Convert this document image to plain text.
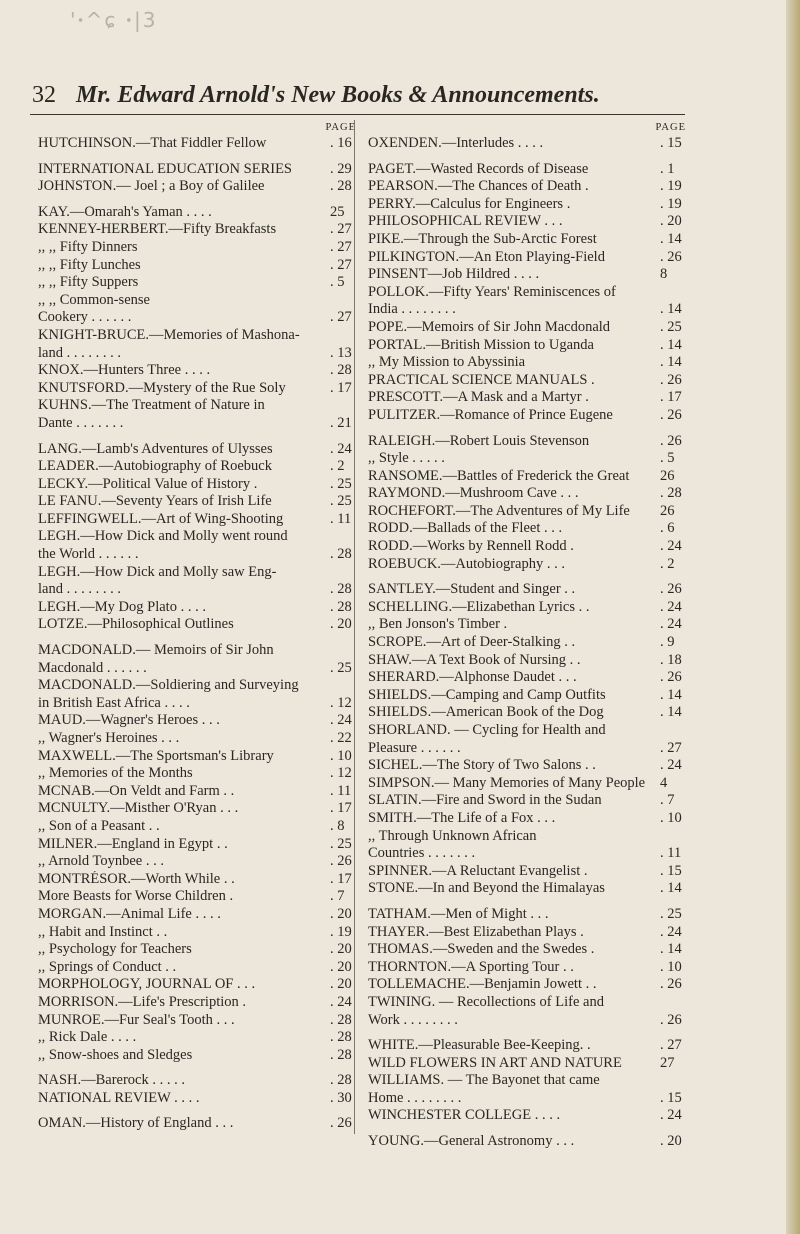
'ꞏ^ɕ ꞏ|3
32 Mr. Edward Arnold's New Books & Announcements.
PAGE
HUTCHINSON.—That Fiddler Fellow	. 16
INTERNATIONAL EDUCATION SERIES	. 29
JOHNSTON.— Joel ; a Boy of Galilee	. 28
KAY.—Omarah's Yaman . . . .	25
KENNEY-HERBERT.—Fifty Breakfasts	. 27
,, ,, Fifty Dinners	. 27
,, ,, Fifty Lunches	. 27
,, ,, Fifty Suppers	. 5
,, ,, Common-sense
Cookery . . . . . .	. 27
KNIGHT-BRUCE.—Memories of Mashona-
land . . . . . . . .	. 13
KNOX.—Hunters Three . . . .	. 28
KNUTSFORD.—Mystery of the Rue Soly	. 17
KUHNS.—The Treatment of Nature in
Dante . . . . . . .	. 21
LANG.—Lamb's Adventures of Ulysses	. 24
LEADER.—Autobiography of Roebuck	. 2
LECKY.—Political Value of History .	. 25
LE FANU.—Seventy Years of Irish Life	. 25
LEFFINGWELL.—Art of Wing-Shooting	. 11
LEGH.—How Dick and Molly went round
the World . . . . . .	. 28
LEGH.—How Dick and Molly saw Eng-
land . . . . . . . .	. 28
LEGH.—My Dog Plato . . . .	. 28
LOTZE.—Philosophical Outlines	. 20
MACDONALD.— Memoirs of Sir John
Macdonald . . . . . .	. 25
MACDONALD.—Soldiering and Surveying
in British East Africa . . . .	. 12
MAUD.—Wagner's Heroes . . .	. 24
,, Wagner's Heroines . . .	. 22
MAXWELL.—The Sportsman's Library	. 10
,, Memories of the Months	. 12
MCNAB.—On Veldt and Farm . .	. 11
MCNULTY.—Misther O'Ryan . . .	. 17
,, Son of a Peasant . .	. 8
MILNER.—England in Egypt . .	. 25
,, Arnold Toynbee . . .	. 26
MONTRÉSOR.—Worth While . .	. 17
More Beasts for Worse Children .	. 7
MORGAN.—Animal Life . . . .	. 20
,, Habit and Instinct . .	. 19
,, Psychology for Teachers	. 20
,, Springs of Conduct . .	. 20
MORPHOLOGY, JOURNAL OF . . .	. 20
MORRISON.—Life's Prescription .	. 24
MUNROE.—Fur Seal's Tooth . . .	. 28
,, Rick Dale . . . .	. 28
,, Snow-shoes and Sledges	. 28
NASH.—Barerock . . . . .	. 28
NATIONAL REVIEW . . . .	. 30
OMAN.—History of England . . .	. 26
PAGE
OXENDEN.—Interludes . . . .	. 15
PAGET.—Wasted Records of Disease	. 1
PEARSON.—The Chances of Death .	. 19
PERRY.—Calculus for Engineers .	. 19
PHILOSOPHICAL REVIEW . . .	. 20
PIKE.—Through the Sub-Arctic Forest	. 14
PILKINGTON.—An Eton Playing-Field	. 26
PINSENT—Job Hildred . . . .	8
POLLOK.—Fifty Years' Reminiscences of
India . . . . . . . .	. 14
POPE.—Memoirs of Sir John Macdonald	. 25
PORTAL.—British Mission to Uganda	. 14
,, My Mission to Abyssinia	. 14
PRACTICAL SCIENCE MANUALS .	. 26
PRESCOTT.—A Mask and a Martyr .	. 17
PULITZER.—Romance of Prince Eugene	. 26
RALEIGH.—Robert Louis Stevenson	. 26
,, Style . . . . .	. 5
RANSOME.—Battles of Frederick the Great	26
RAYMOND.—Mushroom Cave . . .	. 28
ROCHEFORT.—The Adventures of My Life	26
RODD.—Ballads of the Fleet . . .	. 6
RODD.—Works by Rennell Rodd .	. 24
ROEBUCK.—Autobiography . . .	. 2
SANTLEY.—Student and Singer . .	. 26
SCHELLING.—Elizabethan Lyrics . .	. 24
,, Ben Jonson's Timber .	. 24
SCROPE.—Art of Deer-Stalking . .	. 9
SHAW.—A Text Book of Nursing . .	. 18
SHERARD.—Alphonse Daudet . . .	. 26
SHIELDS.—Camping and Camp Outfits	. 14
SHIELDS.—American Book of the Dog	. 14
SHORLAND. — Cycling for Health and
Pleasure . . . . . .	. 27
SICHEL.—The Story of Two Salons . .	. 24
SIMPSON.— Many Memories of Many People	4
SLATIN.—Fire and Sword in the Sudan	. 7
SMITH.—The Life of a Fox . . .	. 10
,, Through Unknown African
Countries . . . . . . .	. 11
SPINNER.—A Reluctant Evangelist .	. 15
STONE.—In and Beyond the Himalayas	. 14
TATHAM.—Men of Might . . .	. 25
THAYER.—Best Elizabethan Plays .	. 24
THOMAS.—Sweden and the Swedes .	. 14
THORNTON.—A Sporting Tour . .	. 10
TOLLEMACHE.—Benjamin Jowett . .	. 26
TWINING. — Recollections of Life and
Work . . . . . . . .	. 26
WHITE.—Pleasurable Bee-Keeping. .	. 27
WILD FLOWERS IN ART AND NATURE	27
WILLIAMS. — The Bayonet that came
Home . . . . . . . .	. 15
WINCHESTER COLLEGE . . . .	. 24
YOUNG.—General Astronomy . . .	. 20
